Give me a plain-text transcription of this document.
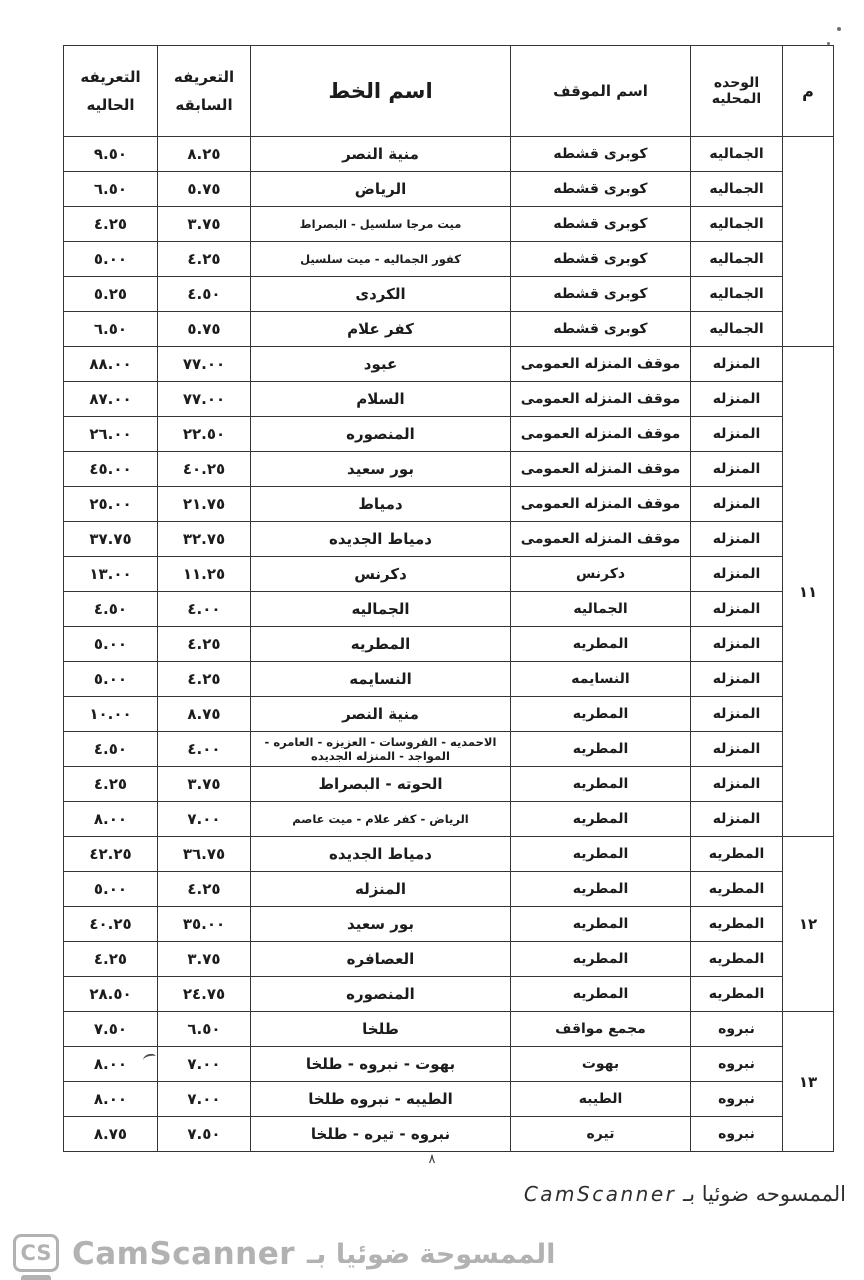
م	الوحده المحليه	اسم الموقف	اسم الخط	التعريفه السابقه	التعريفه الحاليه
	الجماليه	كوبرى قشطه	منية النصر	٨.٢٥	٩.٥٠
	الجماليه	كوبرى قشطه	الرياض	٥.٧٥	٦.٥٠
	الجماليه	كوبرى قشطه	ميت مرجا سلسيل - البصراط	٣.٧٥	٤.٢٥
	الجماليه	كوبرى قشطه	كفور الجماليه - ميت سلسيل	٤.٢٥	٥.٠٠
	الجماليه	كوبرى قشطه	الكردى	٤.٥٠	٥.٢٥
	الجماليه	كوبرى قشطه	كفر علام	٥.٧٥	٦.٥٠
١١	المنزله	موقف المنزله العمومى	عبود	٧٧.٠٠	٨٨.٠٠
	المنزله	موقف المنزله العمومى	السلام	٧٧.٠٠	٨٧.٠٠
	المنزله	موقف المنزله العمومى	المنصوره	٢٢.٥٠	٢٦.٠٠
	المنزله	موقف المنزله العمومى	بور سعيد	٤٠.٢٥	٤٥.٠٠
	المنزله	موقف المنزله العمومى	دمياط	٢١.٧٥	٢٥.٠٠
	المنزله	موقف المنزله العمومى	دمياط الجديده	٣٢.٧٥	٣٧.٧٥
	المنزله	دكرنس	دكرنس	١١.٢٥	١٣.٠٠
	المنزله	الجماليه	الجماليه	٤.٠٠	٤.٥٠
	المنزله	المطريه	المطريه	٤.٢٥	٥.٠٠
	المنزله	النسايمه	النسايمه	٤.٢٥	٥.٠٠
	المنزله	المطريه	منية النصر	٨.٧٥	١٠.٠٠
	المنزله	المطريه	الاحمديه - الفروسات - العزيزه - العامره - المواجد - المنزله الجديده	٤.٠٠	٤.٥٠
	المنزله	المطريه	الحوته - البصراط	٣.٧٥	٤.٢٥
	المنزله	المطريه	الرياض - كفر علام - ميت عاصم	٧.٠٠	٨.٠٠
١٢	المطريه	المطريه	دمياط الجديده	٣٦.٧٥	٤٢.٢٥
	المطريه	المطريه	المنزله	٤.٢٥	٥.٠٠
	المطريه	المطريه	بور سعيد	٣٥.٠٠	٤٠.٢٥
	المطريه	المطريه	العصافره	٣.٧٥	٤.٢٥
	المطريه	المطريه	المنصوره	٢٤.٧٥	٢٨.٥٠
١٣	نبروه	مجمع مواقف	طلخا	٦.٥٠	٧.٥٠
	نبروه	بهوت	بهوت - نبروه - طلخا	٧.٠٠	٨.٠٠
	نبروه	الطيبه	الطيبه - نبروه طلخا	٧.٠٠	٨.٠٠
	نبروه	تيره	نبروه - تيره - طلخا	٧.٥٠	٨.٧٥
٨
الممسوحه ضوئيا بـ CamScanner
CS CamScanner الممسوحة ضوئيا بـ
